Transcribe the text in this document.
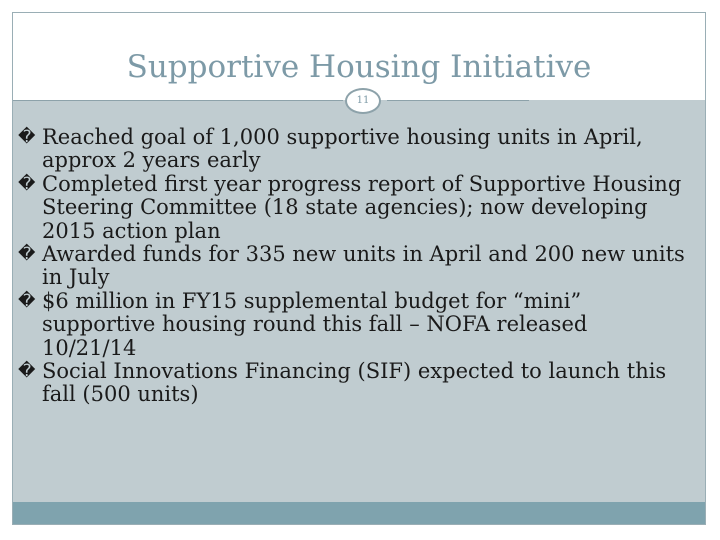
Supportive Housing Initiative
11
� Reached goal of 1,000 supportive housing units in April, approx 2 years early
� Completed first year progress report of Supportive Housing Steering Committee (18 state agencies); now developing 2015 action plan
� Awarded funds for 335 new units in April and 200 new units in July
� $6 million in FY15 supplemental budget for “mini” supportive housing round this fall – NOFA released 10/21/14
� Social Innovations Financing (SIF) expected to launch this fall (500 units)
